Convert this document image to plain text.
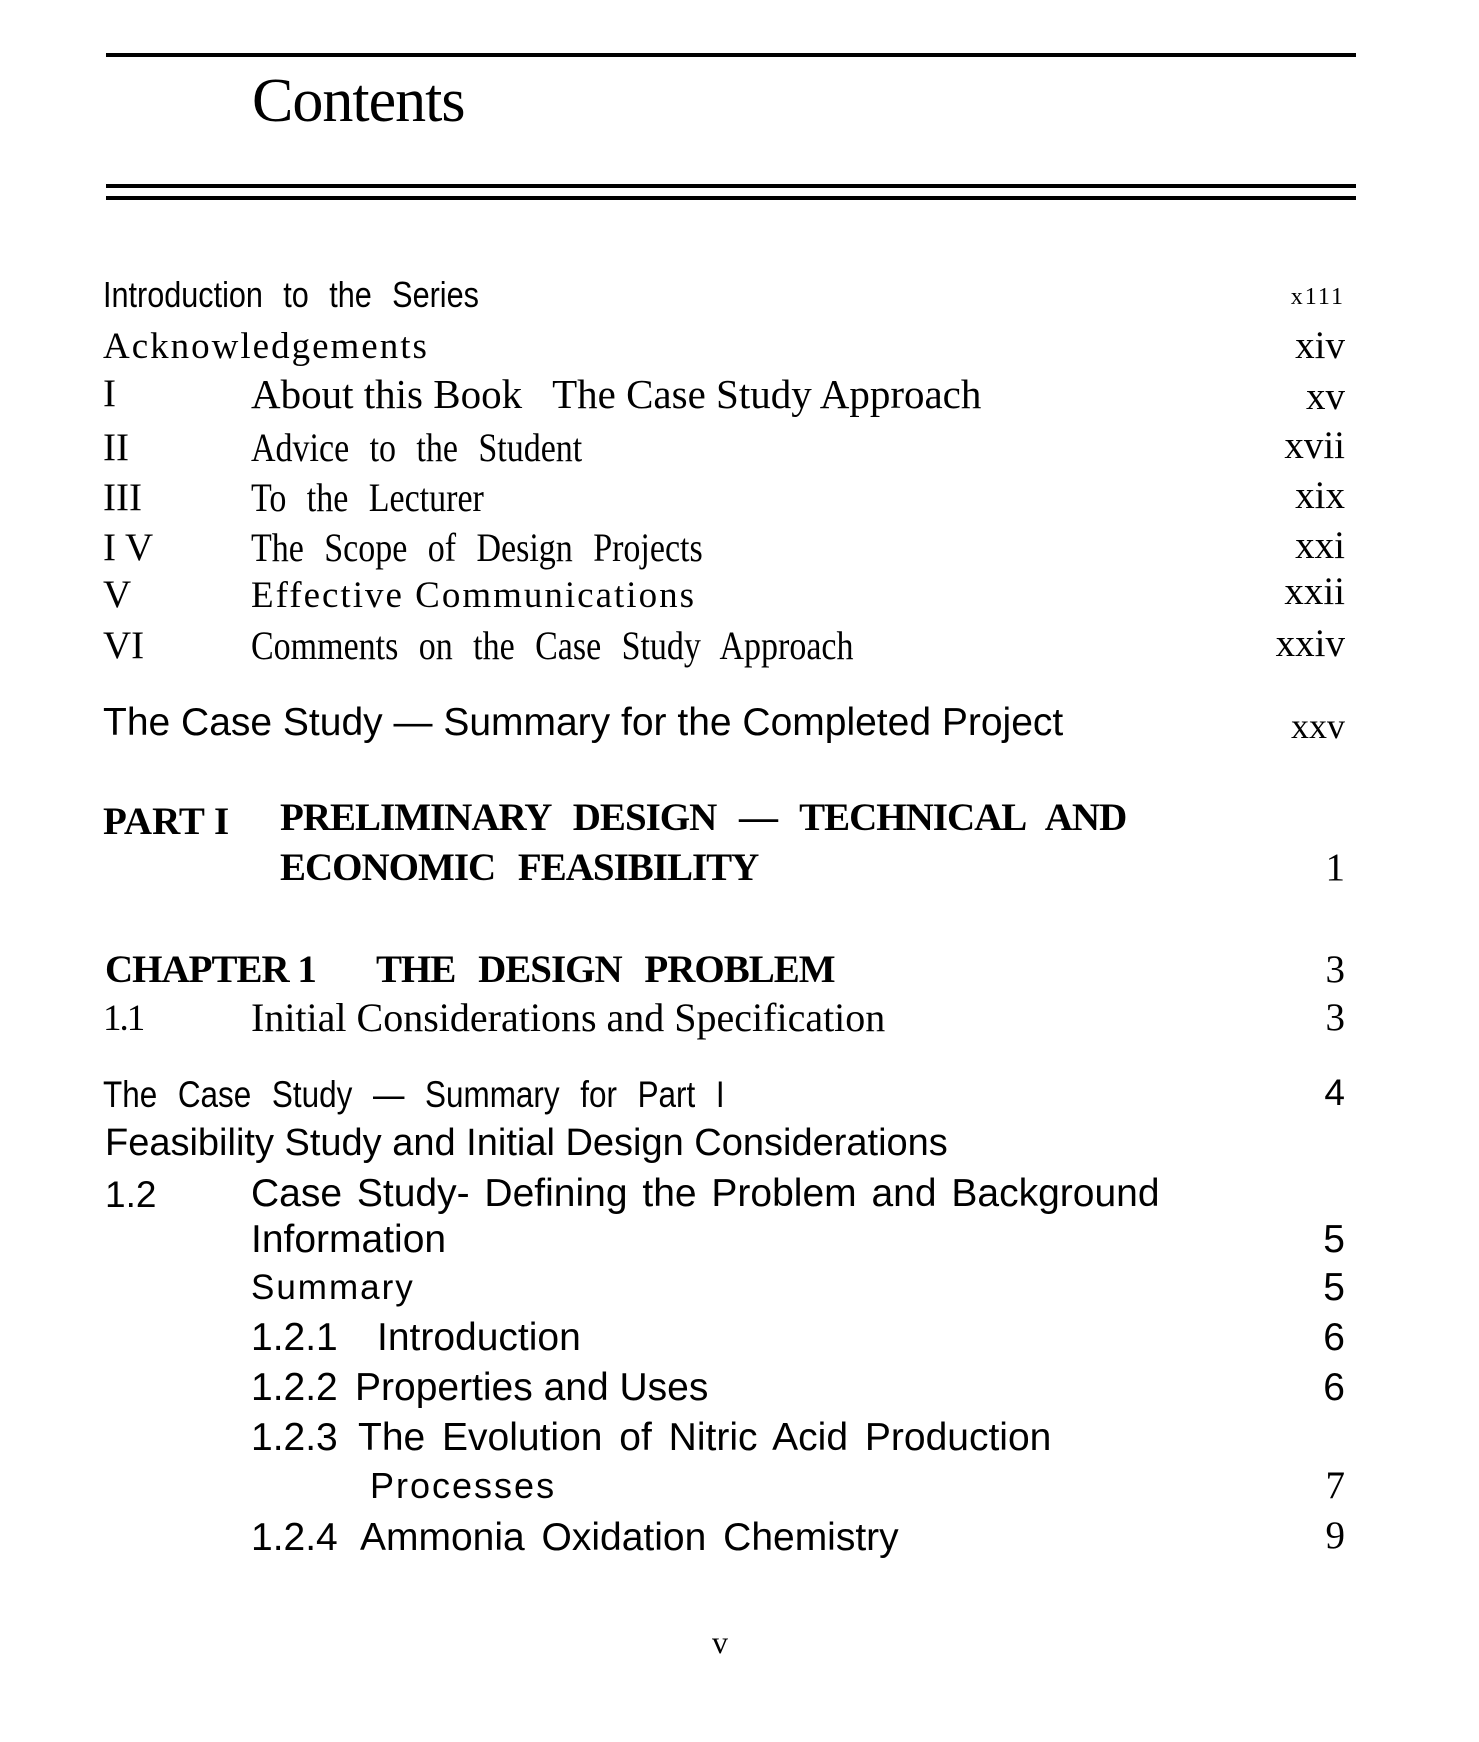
Contents
Introduction to the Series	x111
Acknowledgements	xiv
I	About this Book   The Case Study Approach	xv
II	Advice to the Student	xvii
III	To the Lecturer	xix
I V The Scope of Design Projects	xxi
V	Effective Communications	xxii
VI	Comments on the Case Study Approach	xxiv
The Case Study — Summary for the Completed Project	xxv
PART I PRELIMINARY DESIGN — TECHNICAL AND
ECONOMIC FEASIBILITY	1
CHAPTER 1 THE DESIGN PROBLEM	3
1.1	Initial Considerations and Specification	3
The Case Study — Summary for Part I	4
Feasibility Study and Initial Design Considerations
1.2 Case Study- Defining the Problem and Background
Information	5
Summary	5
1.2.1 Introduction	6
1.2.2 Properties and Uses	6
1.2.3 The Evolution of Nitric Acid Production
Processes	7
1.2.4 Ammonia Oxidation Chemistry	9
v
